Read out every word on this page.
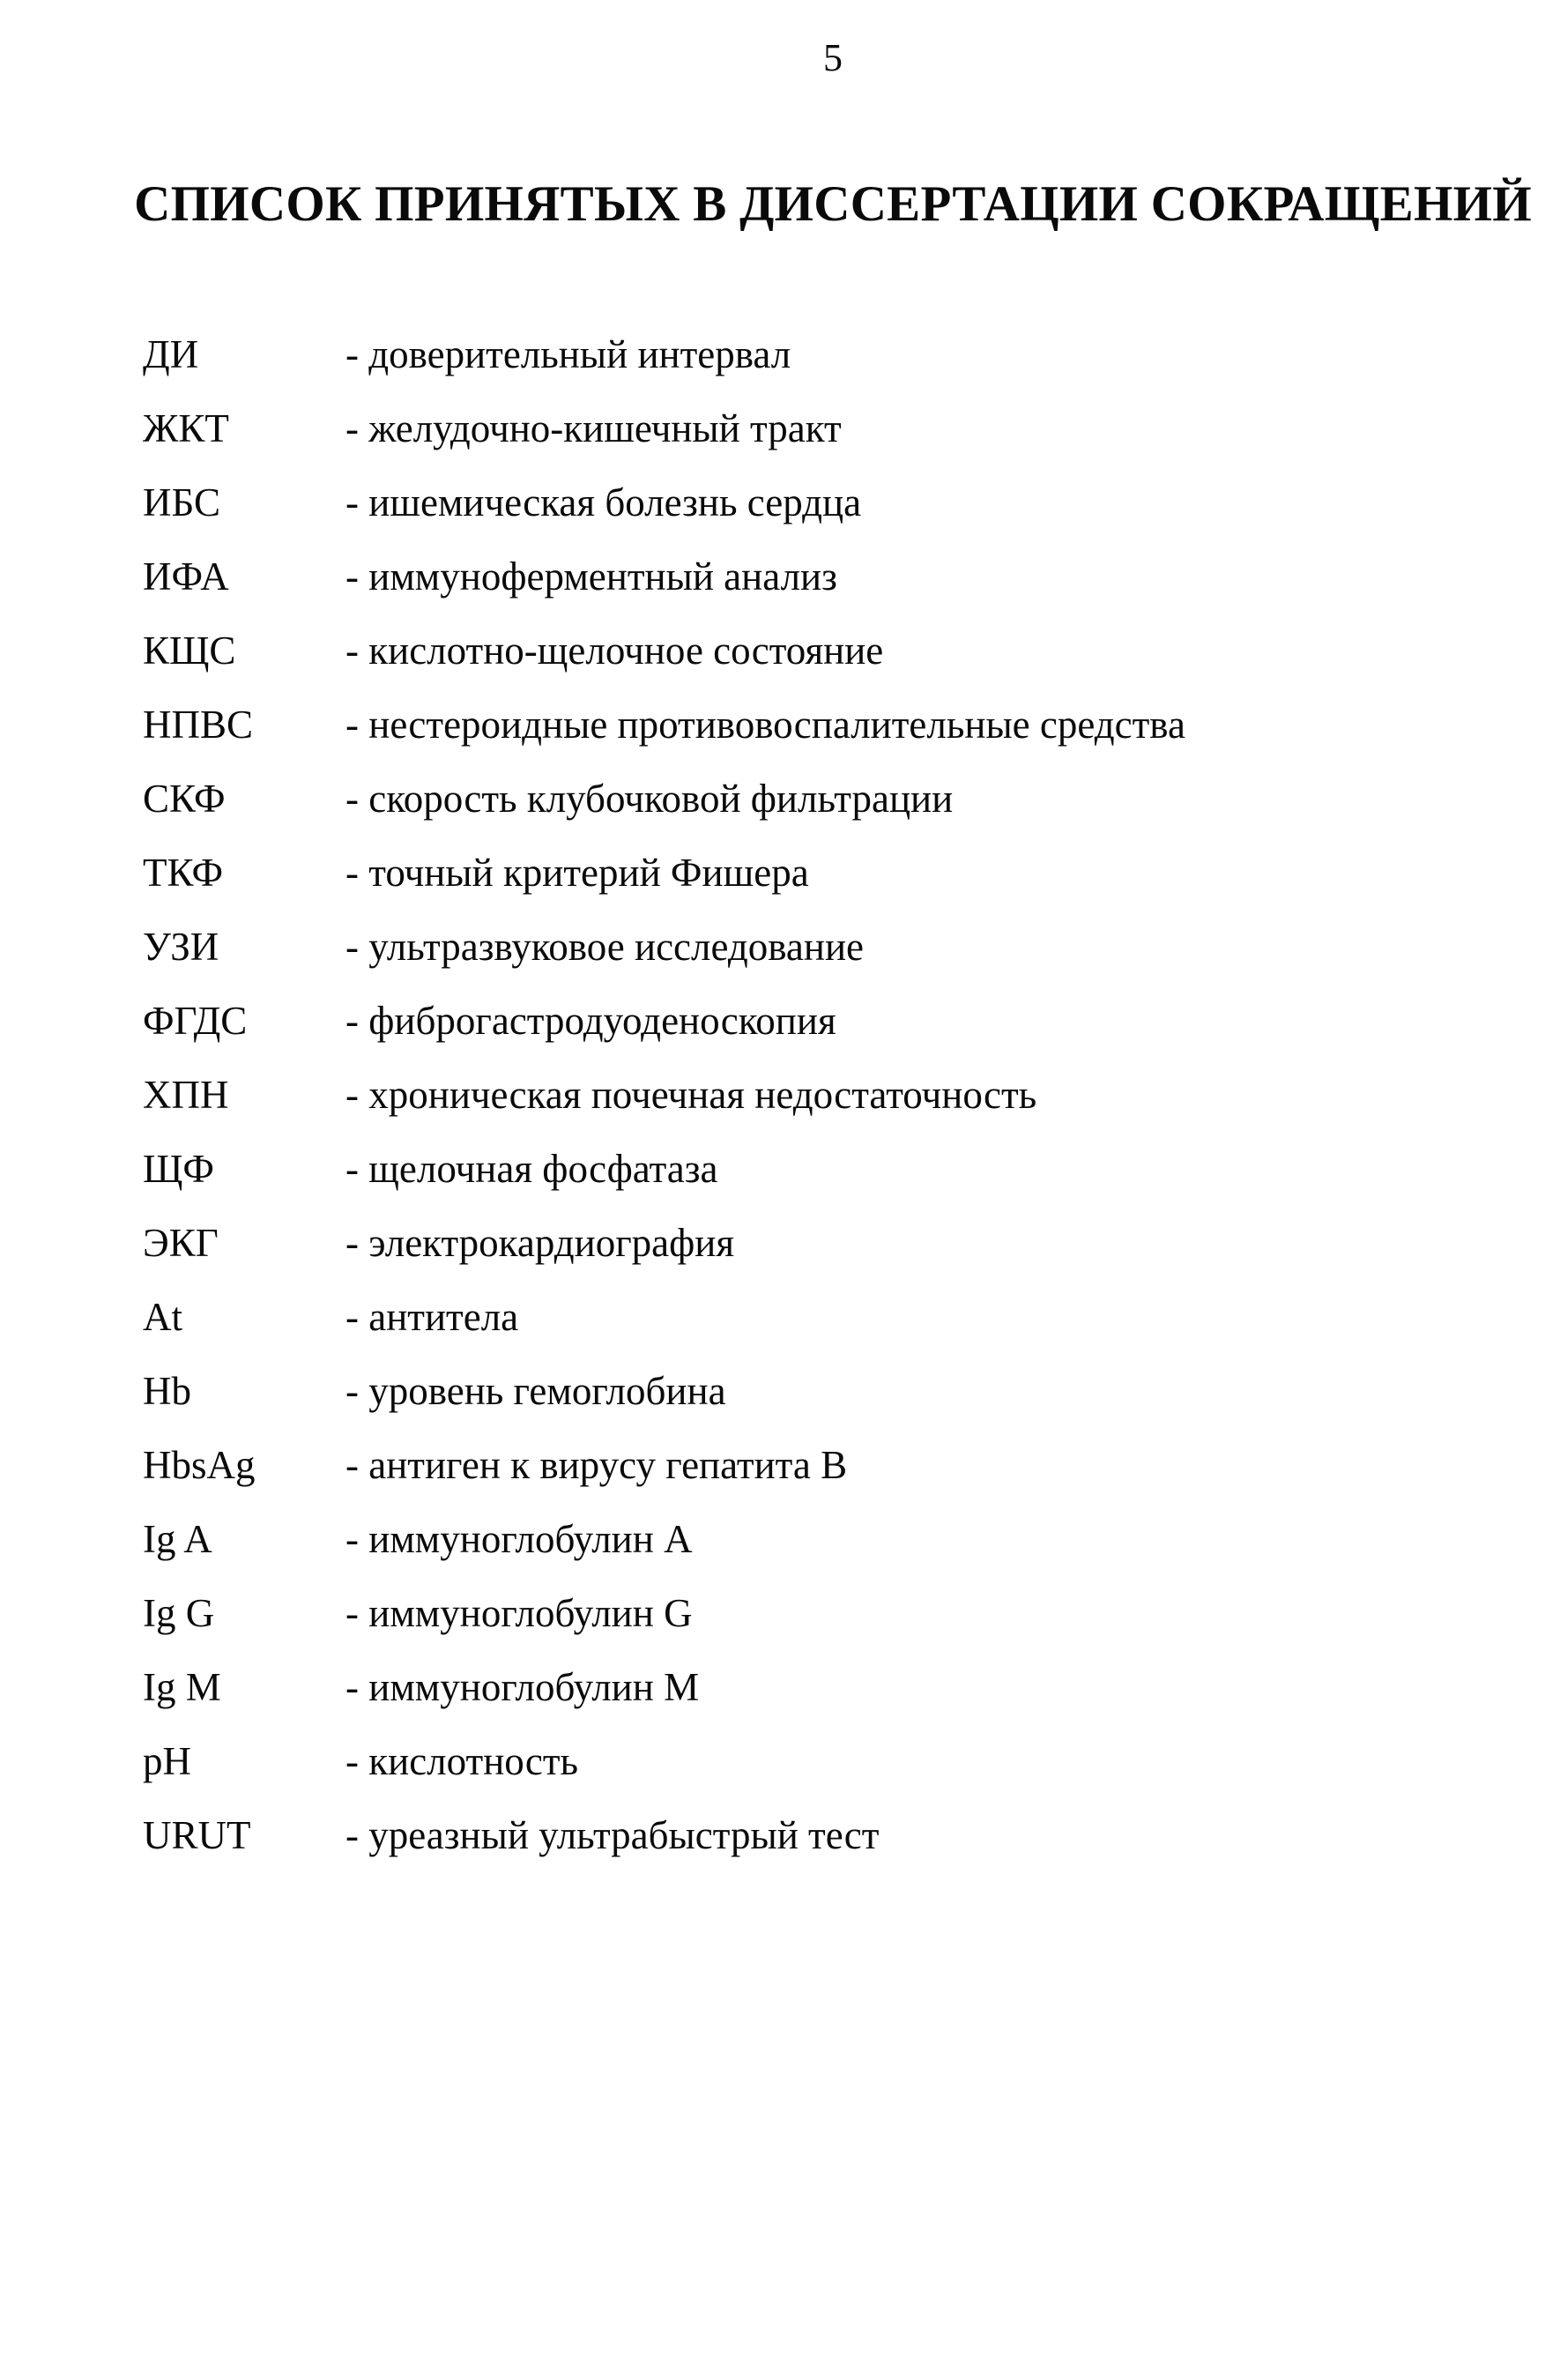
5
СПИСОК ПРИНЯТЫХ В ДИССЕРТАЦИИ СОКРАЩЕНИЙ
ДИ	- доверительный интервал
ЖКТ	- желудочно-кишечный тракт
ИБС	- ишемическая болезнь сердца
ИФА	- иммуноферментный анализ
КЩС	- кислотно-щелочное состояние
НПВС	- нестероидные противовоспалительные средства
СКФ	- скорость клубочковой фильтрации
ТКФ	- точный критерий Фишера
УЗИ	- ультразвуковое исследование
ФГДС	- фиброгастродуоденоскопия
ХПН	- хроническая почечная недостаточность
ЩФ	- щелочная фосфатаза
ЭКГ	- электрокардиография
At	- антитела
Hb	- уровень гемоглобина
HbsAg	- антиген к вирусу гепатита В
Ig A	- иммуноглобулин А
Ig G	- иммуноглобулин G
Ig M	- иммуноглобулин М
pH	- кислотность
URUT	- уреазный ультрабыстрый тест
